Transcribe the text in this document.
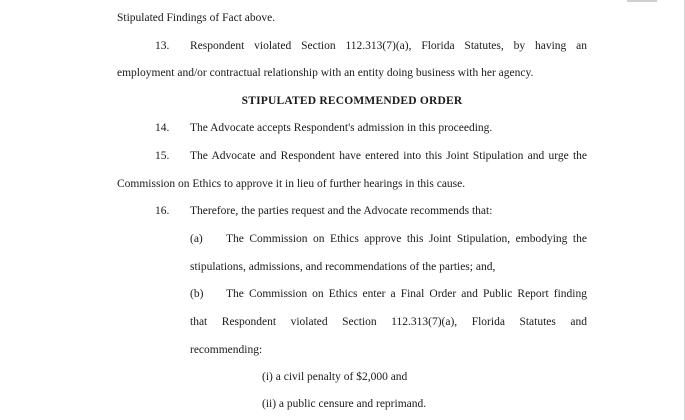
Stipulated Findings of Fact above.
13. Respondent violated Section 112.313(7)(a), Florida Statutes, by having an
employment and/or contractual relationship with an entity doing business with her agency.
STIPULATED RECOMMENDED ORDER
14. The Advocate accepts Respondent's admission in this proceeding.
15. The Advocate and Respondent have entered into this Joint Stipulation and urge the
Commission on Ethics to approve it in lieu of further hearings in this cause.
16. Therefore, the parties request and the Advocate recommends that:
(a) The Commission on Ethics approve this Joint Stipulation, embodying the
stipulations, admissions, and recommendations of the parties; and,
(b) The Commission on Ethics enter a Final Order and Public Report finding
that Respondent violated Section 112.313(7)(a), Florida Statutes and
recommending:
(i) a civil penalty of $2,000 and
(ii) a public censure and reprimand.
